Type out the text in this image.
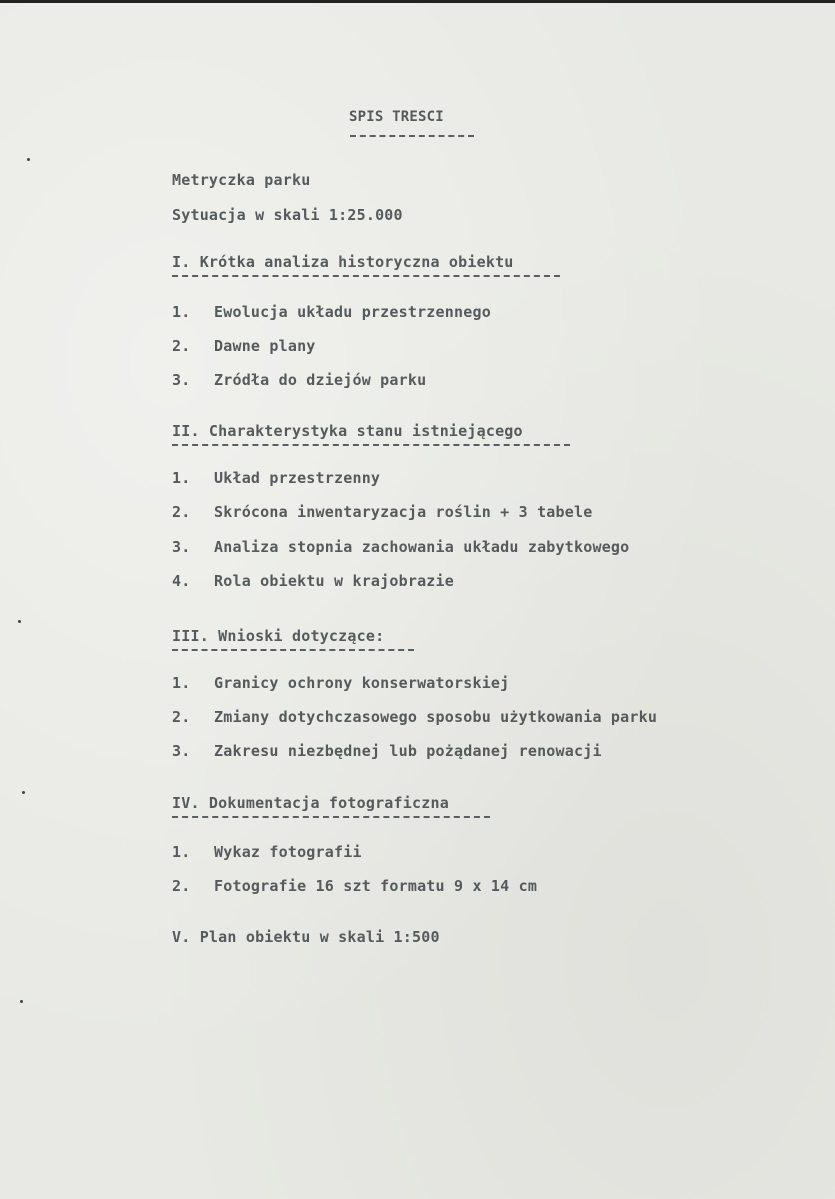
SPIS TRESCI
Metryczka parku
Sytuacja w skali 1:25.000
I. Krótka analiza historyczna obiektu
1. Ewolucja układu przestrzennego
2. Dawne plany
3. Zródła do dziejów parku
II. Charakterystyka stanu istniejącego
1. Układ przestrzenny
2. Skrócona inwentaryzacja roślin + 3 tabele
3. Analiza stopnia zachowania układu zabytkowego
4. Rola obiektu w krajobrazie
III. Wnioski dotyczące:
1. Granicy ochrony konserwatorskiej
2. Zmiany dotychczasowego sposobu użytkowania parku
3. Zakresu niezbędnej lub pożądanej renowacji
IV. Dokumentacja fotograficzna
1. Wykaz fotografii
2. Fotografie 16 szt formatu 9 x 14 cm
V. Plan obiektu w skali 1:500
